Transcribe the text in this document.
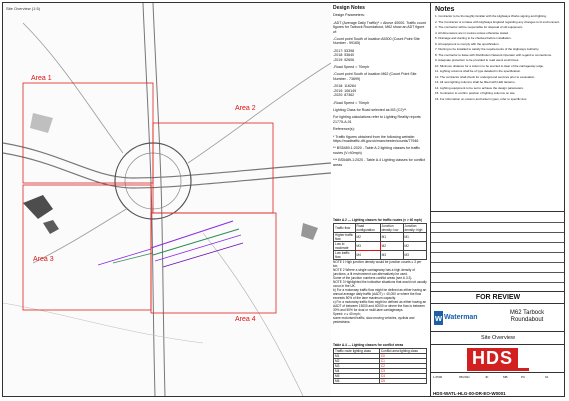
Site Overview (1:5)
Area 1
Area 2
Area 3
Area 4
Design Notes

Design Parameters:

-ADT (Average Daily Traffic)* = Above 40000. Traffic count figures for Tarbock Roundabout, M62 show an ADT figure of:

-Count point South of location A5300 (Count Point Site Number - 99165)

-2017: 53398
-2018: 53640

-2019: 52606

-Road Speed = 70mph

-Count point South of location M62 (Count Point Site Number - 73699)

-2018: 116284
-2019: 106149

-2020: 87362

-Road Speed = 70mph

Lighting Class for Road selected as M3 (C2)**.

For lighting calculations refer to Lighting Reality reports 21775-A-01

Reference(s):

* Traffic figures obtained from the following website: https://roadtraffic.dft.gov.uk/manchester/counts/77946

** BS5489-1:2020 - Table A.2 lighting classes for traffic routes (V>40mph)

*** BS5489-1:2020 - Table A.4 Lighting classes for conflict areas

Table A.2 — Lighting classes for traffic routes (v > 40 mph)
Traffic flow	Road configuration	Junction density: low	Junction density: high
Higher traffic flow	M2	M1	M1
Low to moderate	M3	M2	M2
Low traffic flow	M4	M3	M3
NOTE 1 High junction density would be junction counts ≥ 3 per km.
NOTE 2 Where a single carriageway has a high density of junctions, a lit environment can alternatively be used.
Some of the junction numbers conflict areas (see A.3.2).
NOTE 3 Highlighted the indicative situations that would not usually occur in the UK.
b) For a motorway traffic flow might be defined as either having an annual average daily traffic (AADT) > 40,000 or where the flow exceeds 50% of the lane maximum capacity.
c) For a motorway traffic flow might be defined as either having an AADT of between 15000 and 40000 or where the flow is between 30% and 50% for dual or multi-lane carriageways.
Speed: v ≤ 40 mph;
some motorised traffic, slow-moving vehicles, cyclists and pedestrians.
Table A.4 — Lighting classes for conflict areas
Traffic route lighting class	Conflict area lighting class
M1	C0
M2	C1
M3	C2
M4	C3
M5	C4
M6	C5
Notes
1. Contractor to be thoroughly familiar with the Highways Works signing and lighting.
2. The Contractor is to liaise with Highways England regarding any changes to lit environment.
3. The contractor will be responsible for disposal of old equipment.
4. All dimensions are in metres unless otherwise stated.
5. Drainage and ducting to be checked before installation.
6. All equipment to comply with the specification.
7. Ducting to be installed to satisfy the requirements of the Highways Authority.
8. The contractor to liaise with Distribution Network Operator with regard to connections.
9. Adequate protection to be provided to road users at all times.
10. Minimum distance for a column to be erected is clear of the carriageway edge.
11. Lighting columns shall be of type detailed in the specification.
12. The contractor shall check for underground services prior to excavation.
13. All new lighting columns shall be fitted with LED lanterns.
14. Lighting equipment to be set to achieve the design parameters.
15. Contractor to confirm position of lighting columns on site.
16. For information on column and lantern types, refer to specific doc.
FOR REVIEW
w Waterman
M62 Tarbock
Roundabout
Site Overview
HDS
1:2500	05/2021	JK	MB	PC	01
HDS-WATL-HLG-00-DR-EO-W0001
